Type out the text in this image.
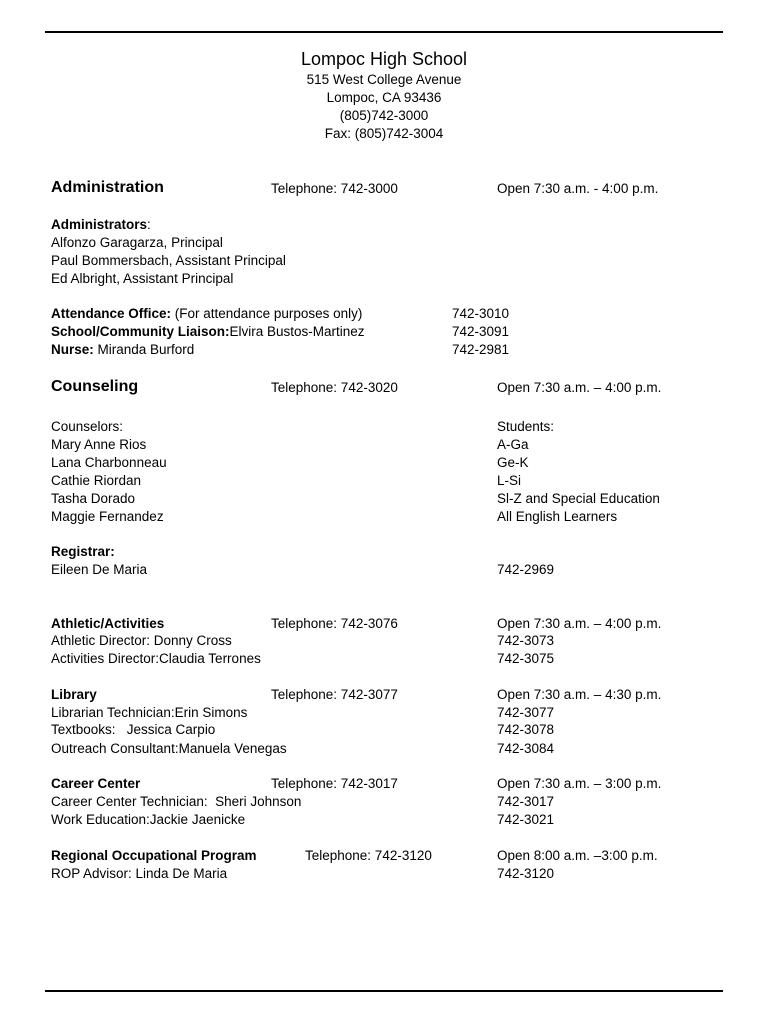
Lompoc High School
515 West College Avenue
Lompoc, CA 93436
(805)742-3000
Fax: (805)742-3004
Administration	Telephone: 742-3000	Open 7:30 a.m. - 4:00 p.m.
Administrators:
Alfonzo Garagarza, Principal
Paul Bommersbach, Assistant Principal
Ed Albright, Assistant Principal
Attendance Office: (For attendance purposes only)	742-3010
School/Community Liaison:Elvira Bustos-Martinez	742-3091
Nurse: Miranda Burford	742-2981
Counseling	Telephone: 742-3020	Open 7:30 a.m. – 4:00 p.m.
Counselors:	Students:
Mary Anne Rios	A-Ga
Lana Charbonneau	Ge-K
Cathie Riordan	L-Si
Tasha Dorado	Sl-Z and Special Education
Maggie Fernandez	All English Learners
Registrar:
Eileen De Maria	742-2969
Athletic/Activities	Telephone: 742-3076	Open 7:30 a.m. – 4:00 p.m.
Athletic Director: Donny Cross	742-3073
Activities Director:Claudia Terrones	742-3075
Library	Telephone: 742-3077	Open 7:30 a.m. – 4:30 p.m.
Librarian Technician:Erin Simons	742-3077
Textbooks:   Jessica Carpio	742-3078
Outreach Consultant:Manuela Venegas	742-3084
Career Center	Telephone: 742-3017	Open 7:30 a.m. – 3:00 p.m.
Career Center Technician:  Sheri Johnson	742-3017
Work Education:Jackie Jaenicke	742-3021
Regional Occupational Program	Telephone: 742-3120	Open 8:00 a.m. –3:00 p.m.
ROP Advisor: Linda De Maria	742-3120
